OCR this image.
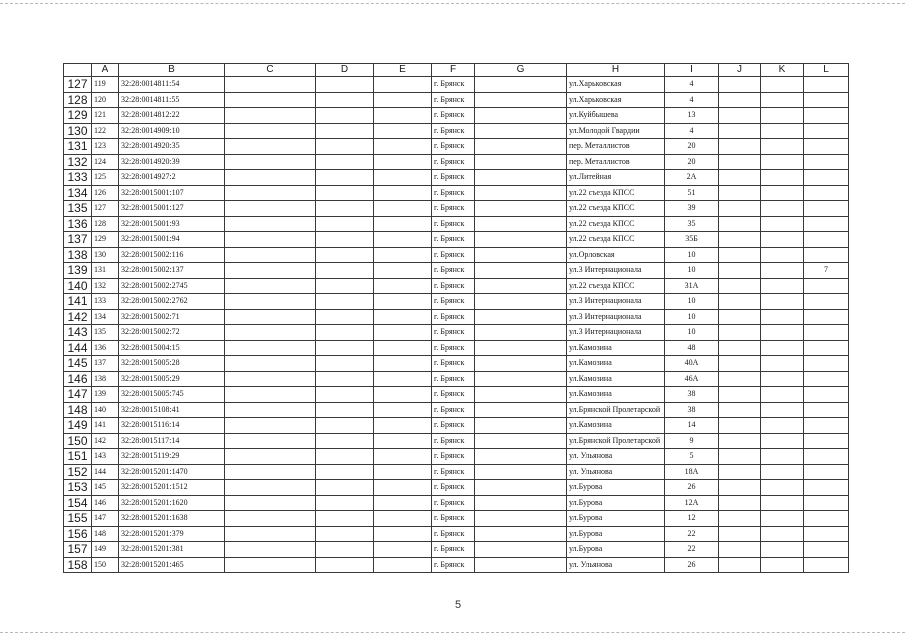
	A	B	C	D	E	F	G	H	I	J	K	L
127	119	32:28:0014811:54				г. Брянск		ул.Харьковская	4			
128	120	32:28:0014811:55				г. Брянск		ул.Харьковская	4			
129	121	32:28:0014812:22				г. Брянск		ул.Куйбышева	13			
130	122	32:28:0014909:10				г. Брянск		ул.Молодой Гвардии	4			
131	123	32:28:0014920:35				г. Брянск		пер. Металлистов	20			
132	124	32:28:0014920:39				г. Брянск		пер. Металлистов	20			
133	125	32:28:0014927:2				г. Брянск		ул.Литейная	2А			
134	126	32:28:0015001:107				г. Брянск		ул.22 съезда КПСС	51			
135	127	32:28:0015001:127				г. Брянск		ул.22 съезда КПСС	39			
136	128	32:28:0015001:93				г. Брянск		ул.22 съезда КПСС	35			
137	129	32:28:0015001:94				г. Брянск		ул.22 съезда КПСС	35Б			
138	130	32:28:0015002:116				г. Брянск		ул.Орловская	10			
139	131	32:28:0015002:137				г. Брянск		ул.3 Интернационала	10			7
140	132	32:28:0015002:2745				г. Брянск		ул.22 съезда КПСС	31А			
141	133	32:28:0015002:2762				г. Брянск		ул.3 Интернационала	10			
142	134	32:28:0015002:71				г. Брянск		ул.3 Интернационала	10			
143	135	32:28:0015002:72				г. Брянск		ул.3 Интернационала	10			
144	136	32:28:0015004:15				г. Брянск		ул.Камозина	48			
145	137	32:28:0015005:28				г. Брянск		ул.Камозина	40А			
146	138	32:28:0015005:29				г. Брянск		ул.Камозина	46А			
147	139	32:28:0015005:745				г. Брянск		ул.Камозина	38			
148	140	32:28:0015108:41				г. Брянск		ул.Брянской Пролетарской	38			
149	141	32:28:0015116:14				г. Брянск		ул.Камозина	14			
150	142	32:28:0015117:14				г. Брянск		ул.Брянской Пролетарской	9			
151	143	32:28:0015119:29				г. Брянск		ул. Ульянова	5			
152	144	32:28:0015201:1470				г. Брянск		ул. Ульянова	18А			
153	145	32:28:0015201:1512				г. Брянск		ул.Бурова	26			
154	146	32:28:0015201:1620				г. Брянск		ул.Бурова	12А			
155	147	32:28:0015201:1638				г. Брянск		ул.Бурова	12			
156	148	32:28:0015201:379				г. Брянск		ул.Бурова	22			
157	149	32:28:0015201:381				г. Брянск		ул.Бурова	22			
158	150	32:28:0015201:465				г. Брянск		ул. Ульянова	26			
5
